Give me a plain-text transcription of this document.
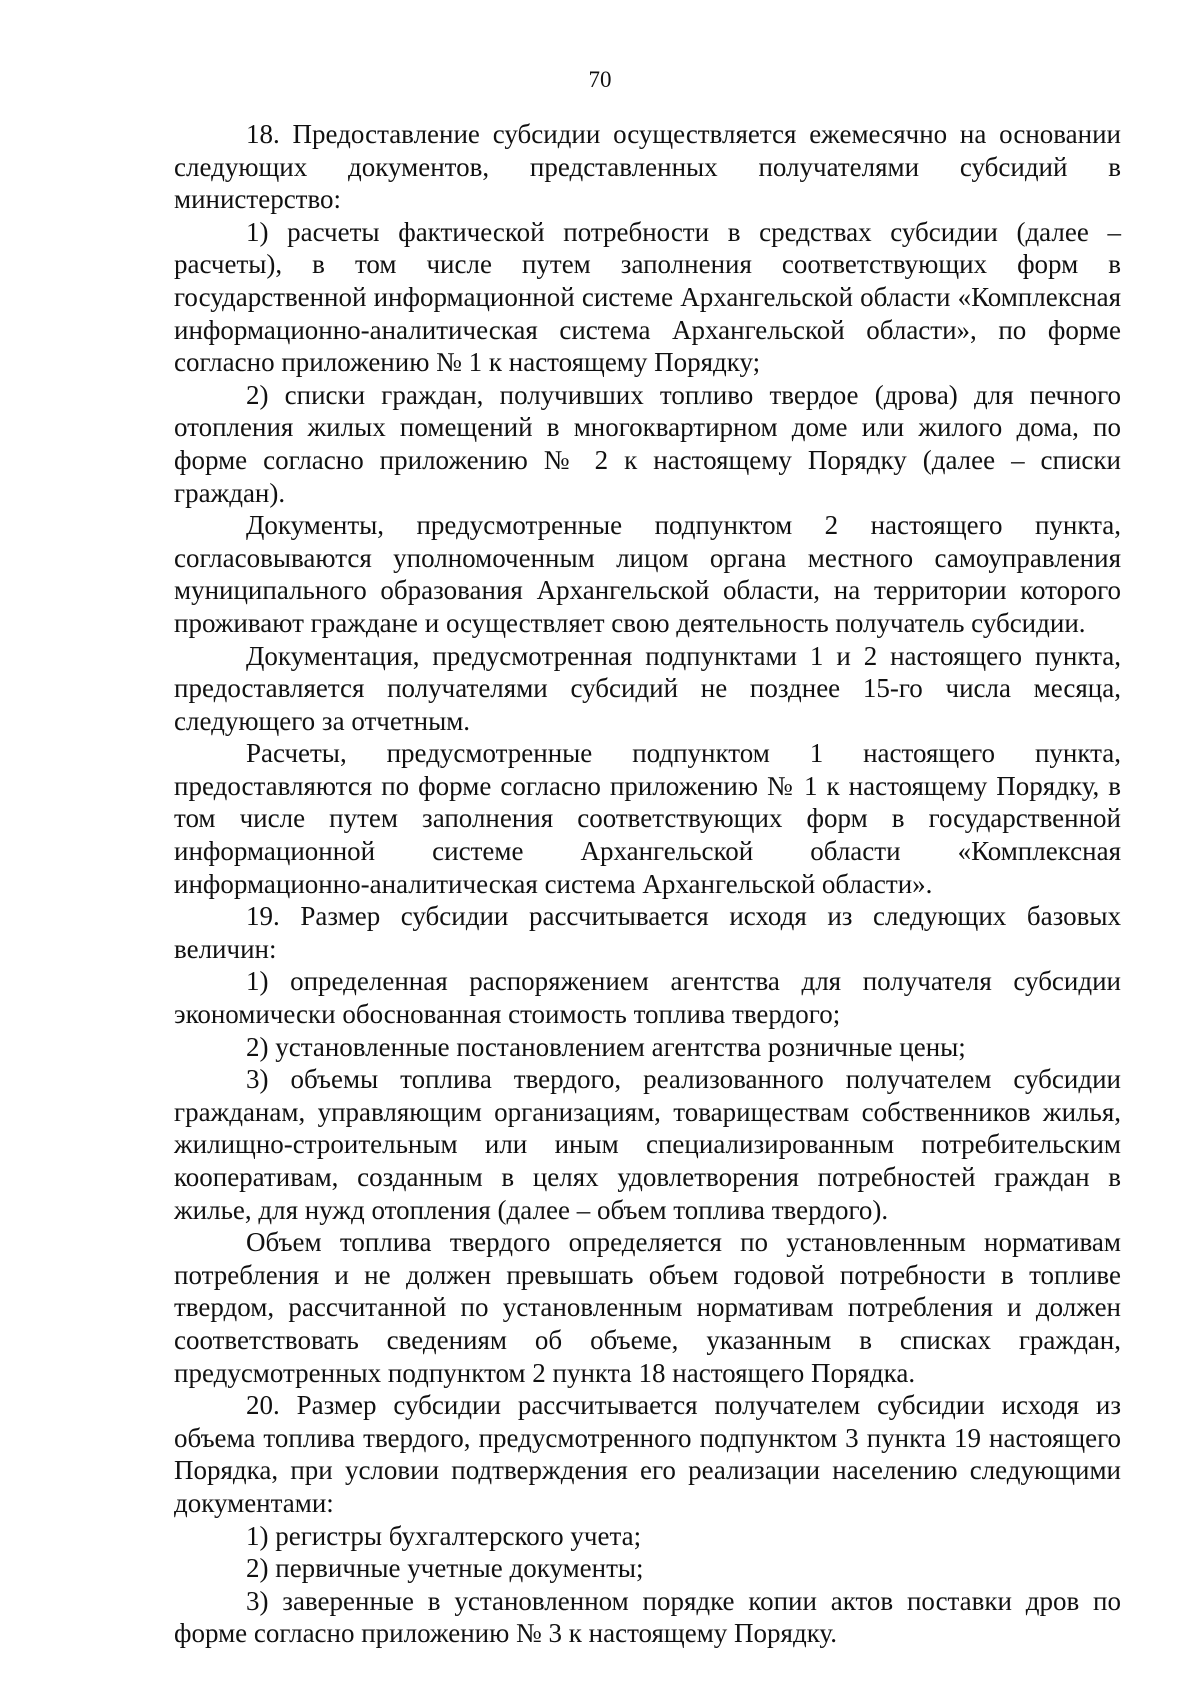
70

18. Предоставление субсидии осуществляется ежемесячно на основании следующих документов, представленных получателями субсидий в министерство:

1) расчеты фактической потребности в средствах субсидии (далее – расчеты), в том числе путем заполнения соответствующих форм в государственной информационной системе Архангельской области «Комплексная информационно-аналитическая система Архангельской области», по форме согласно приложению № 1 к настоящему Порядку;

2) списки граждан, получивших топливо твердое (дрова) для печного отопления жилых помещений в многоквартирном доме или жилого дома, по форме согласно приложению № 2 к настоящему Порядку (далее – списки граждан).

Документы, предусмотренные подпунктом 2 настоящего пункта, согласовываются уполномоченным лицом органа местного самоуправления муниципального образования Архангельской области, на территории которого проживают граждане и осуществляет свою деятельность получатель субсидии.

Документация, предусмотренная подпунктами 1 и 2 настоящего пункта, предоставляется получателями субсидий не позднее 15-го числа месяца, следующего за отчетным.

Расчеты, предусмотренные подпунктом 1 настоящего пункта, предоставляются по форме согласно приложению № 1 к настоящему Порядку, в том числе путем заполнения соответствующих форм в государственной информационной системе Архангельской области «Комплексная информационно-аналитическая система Архангельской области».

19. Размер субсидии рассчитывается исходя из следующих базовых величин:

1) определенная распоряжением агентства для получателя субсидии экономически обоснованная стоимость топлива твердого;

2) установленные постановлением агентства розничные цены;

3) объемы топлива твердого, реализованного получателем субсидии гражданам, управляющим организациям, товариществам собственников жилья, жилищно-строительным или иным специализированным потребительским кооперативам, созданным в целях удовлетворения потребностей граждан в жилье, для нужд отопления (далее – объем топлива твердого).

Объем топлива твердого определяется по установленным нормативам потребления и не должен превышать объем годовой потребности в топливе твердом, рассчитанной по установленным нормативам потребления и должен соответствовать сведениям об объеме, указанным в списках граждан, предусмотренных подпунктом 2 пункта 18 настоящего Порядка.

20. Размер субсидии рассчитывается получателем субсидии исходя из объема топлива твердого, предусмотренного подпунктом 3 пункта 19 настоящего Порядка, при условии подтверждения его реализации населению следующими документами:

1) регистры бухгалтерского учета;

2) первичные учетные документы;

3) заверенные в установленном порядке копии актов поставки дров по форме согласно приложению № 3 к настоящему Порядку.
